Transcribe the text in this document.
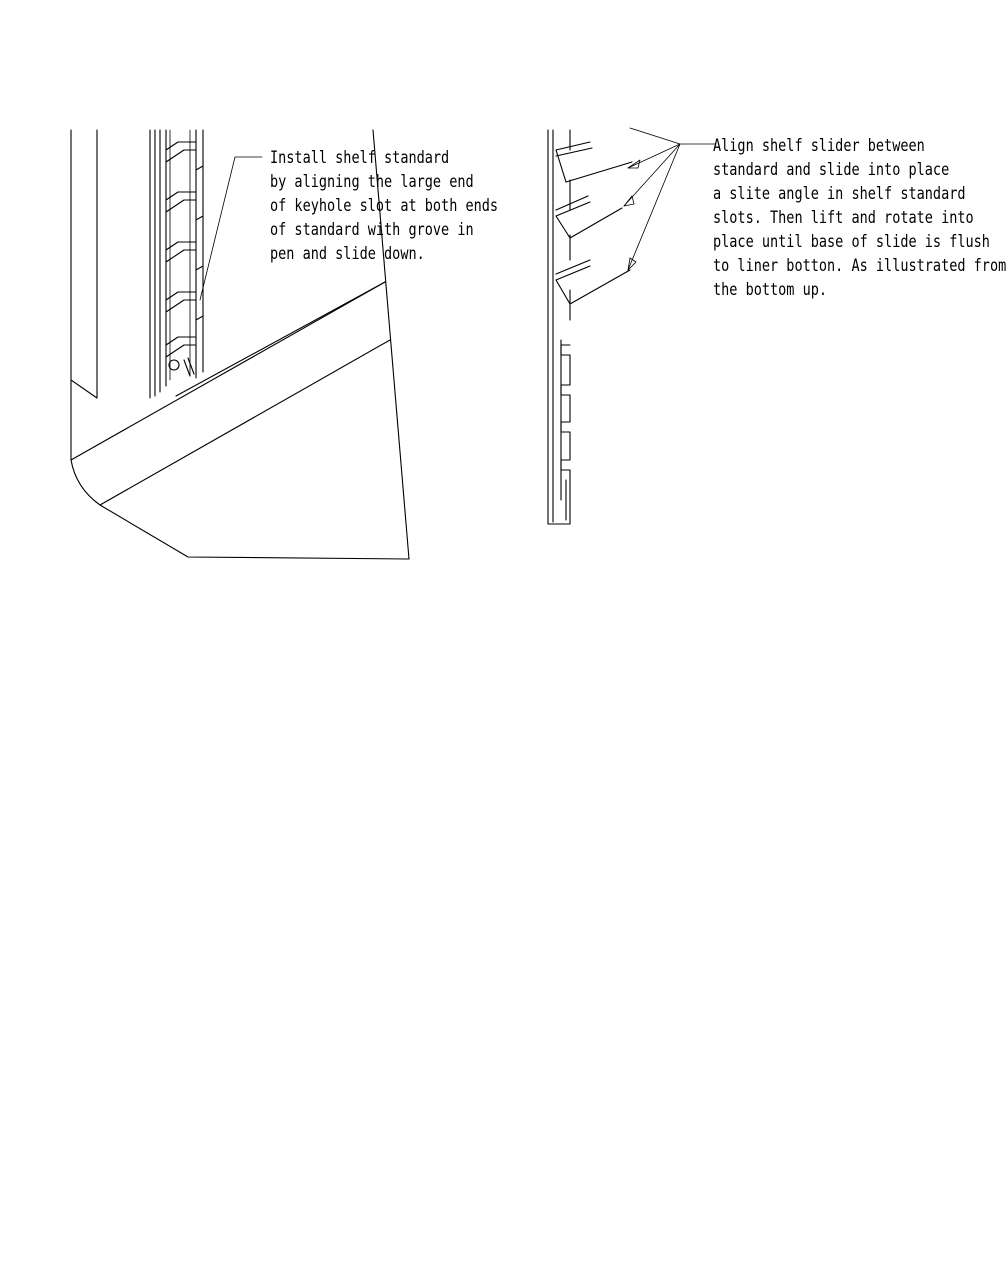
Install shelf standard
by aligning the large end
of keyhole slot at both ends
of standard with grove in
pen and slide down.
Align shelf slider between
standard and slide into place
a slite angle in shelf standard
slots. Then lift and rotate into
place until base of slide is flush
to liner botton. As illustrated from
the bottom up.
